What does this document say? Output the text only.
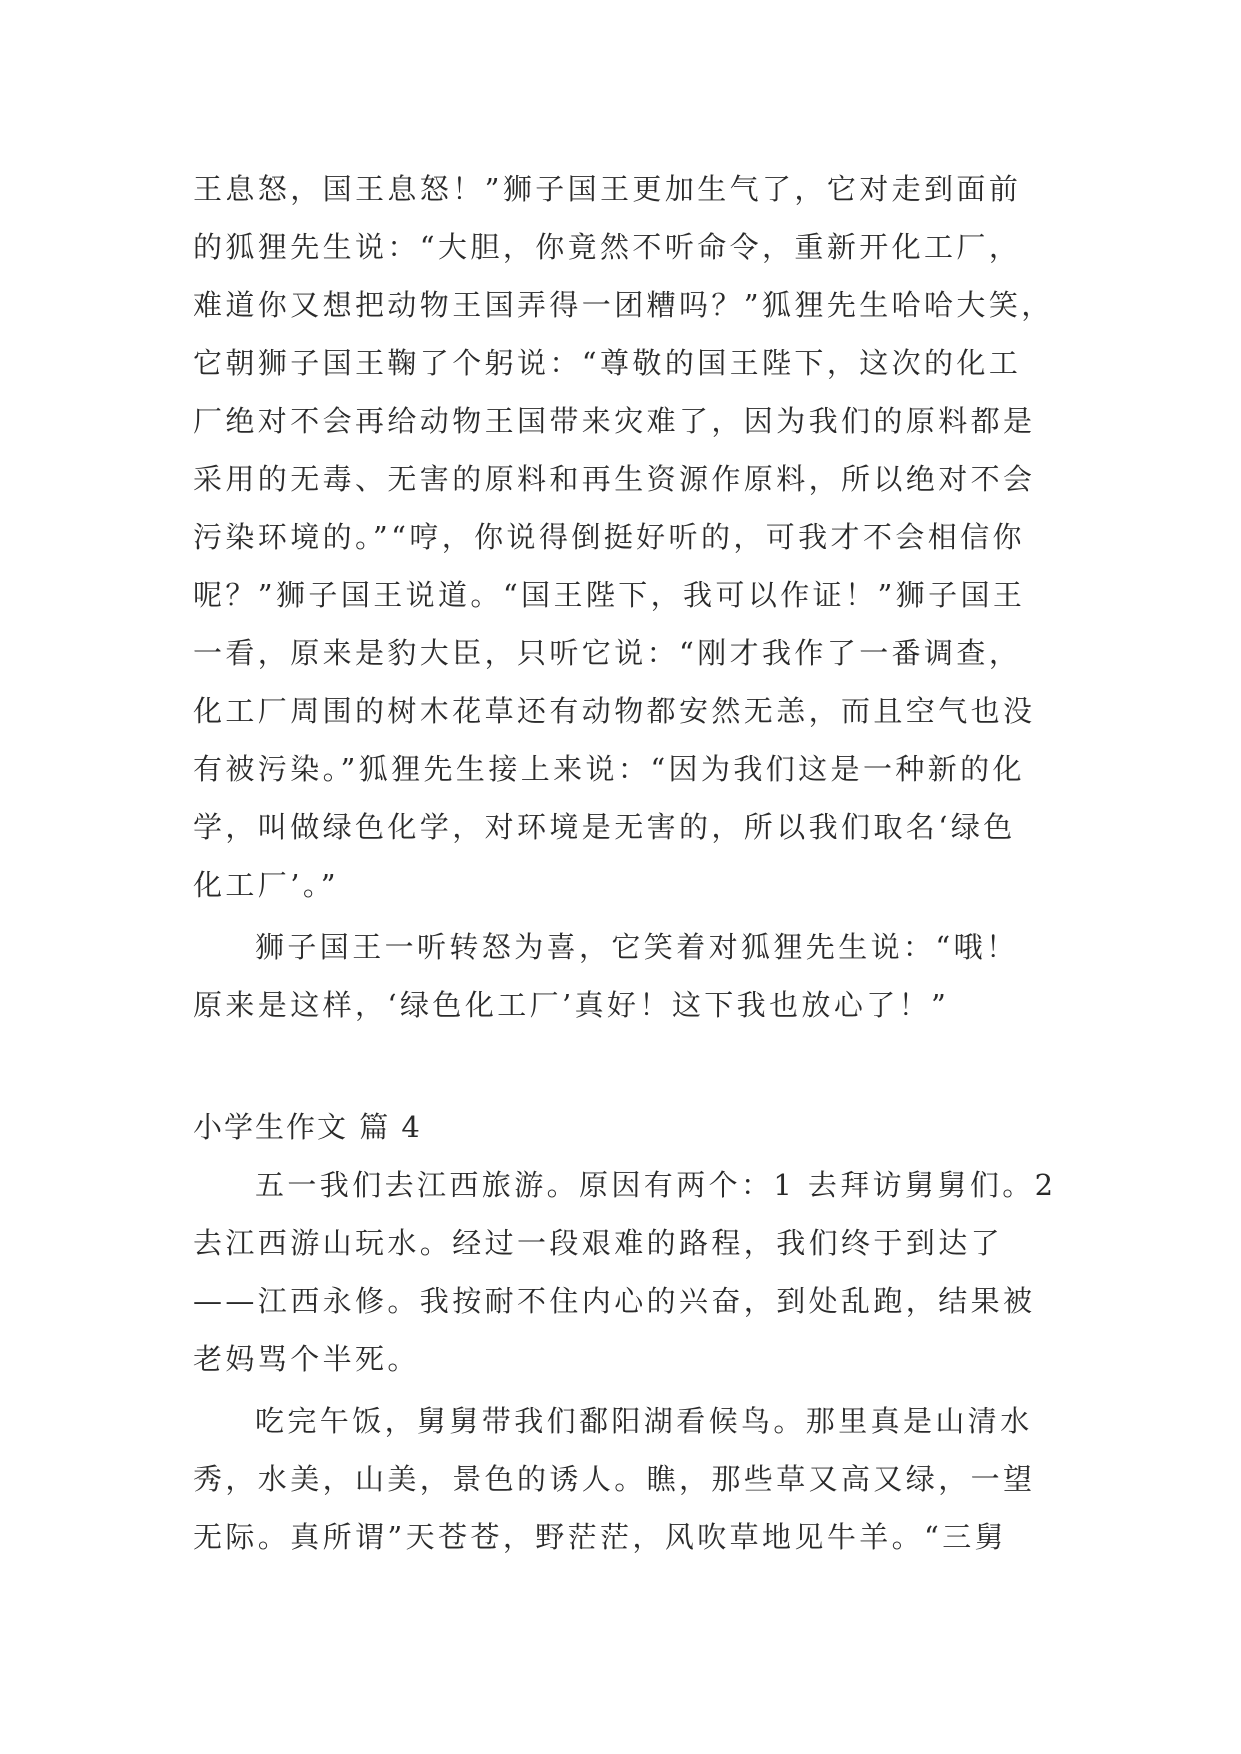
王息怒，国王息怒！”狮子国王更加生气了，它对走到面前
的狐狸先生说：“大胆，你竟然不听命令，重新开化工厂，
难道你又想把动物王国弄得一团糟吗？”狐狸先生哈哈大笑，
它朝狮子国王鞠了个躬说：“尊敬的国王陛下，这次的化工
厂绝对不会再给动物王国带来灾难了，因为我们的原料都是
采用的无毒、无害的原料和再生资源作原料，所以绝对不会
污染环境的。”“哼，你说得倒挺好听的，可我才不会相信你
呢？”狮子国王说道。“国王陛下，我可以作证！”狮子国王
一看，原来是豹大臣，只听它说：“刚才我作了一番调查，
化工厂周围的树木花草还有动物都安然无恙，而且空气也没
有被污染。”狐狸先生接上来说：“因为我们这是一种新的化
学，叫做绿色化学，对环境是无害的，所以我们取名‘绿色
化工厂’。”
狮子国王一听转怒为喜，它笑着对狐狸先生说：“哦！
原来是这样，‘绿色化工厂’真好！这下我也放心了！”
小学生作文 篇 4
五一我们去江西旅游。原因有两个：1 去拜访舅舅们。2
去江西游山玩水。经过一段艰难的路程，我们终于到达了
——江西永修。我按耐不住内心的兴奋，到处乱跑，结果被
老妈骂个半死。
吃完午饭，舅舅带我们鄱阳湖看候鸟。那里真是山清水
秀，水美，山美，景色的诱人。瞧，那些草又高又绿，一望
无际。真所谓”天苍苍，野茫茫，风吹草地见牛羊。“三舅
